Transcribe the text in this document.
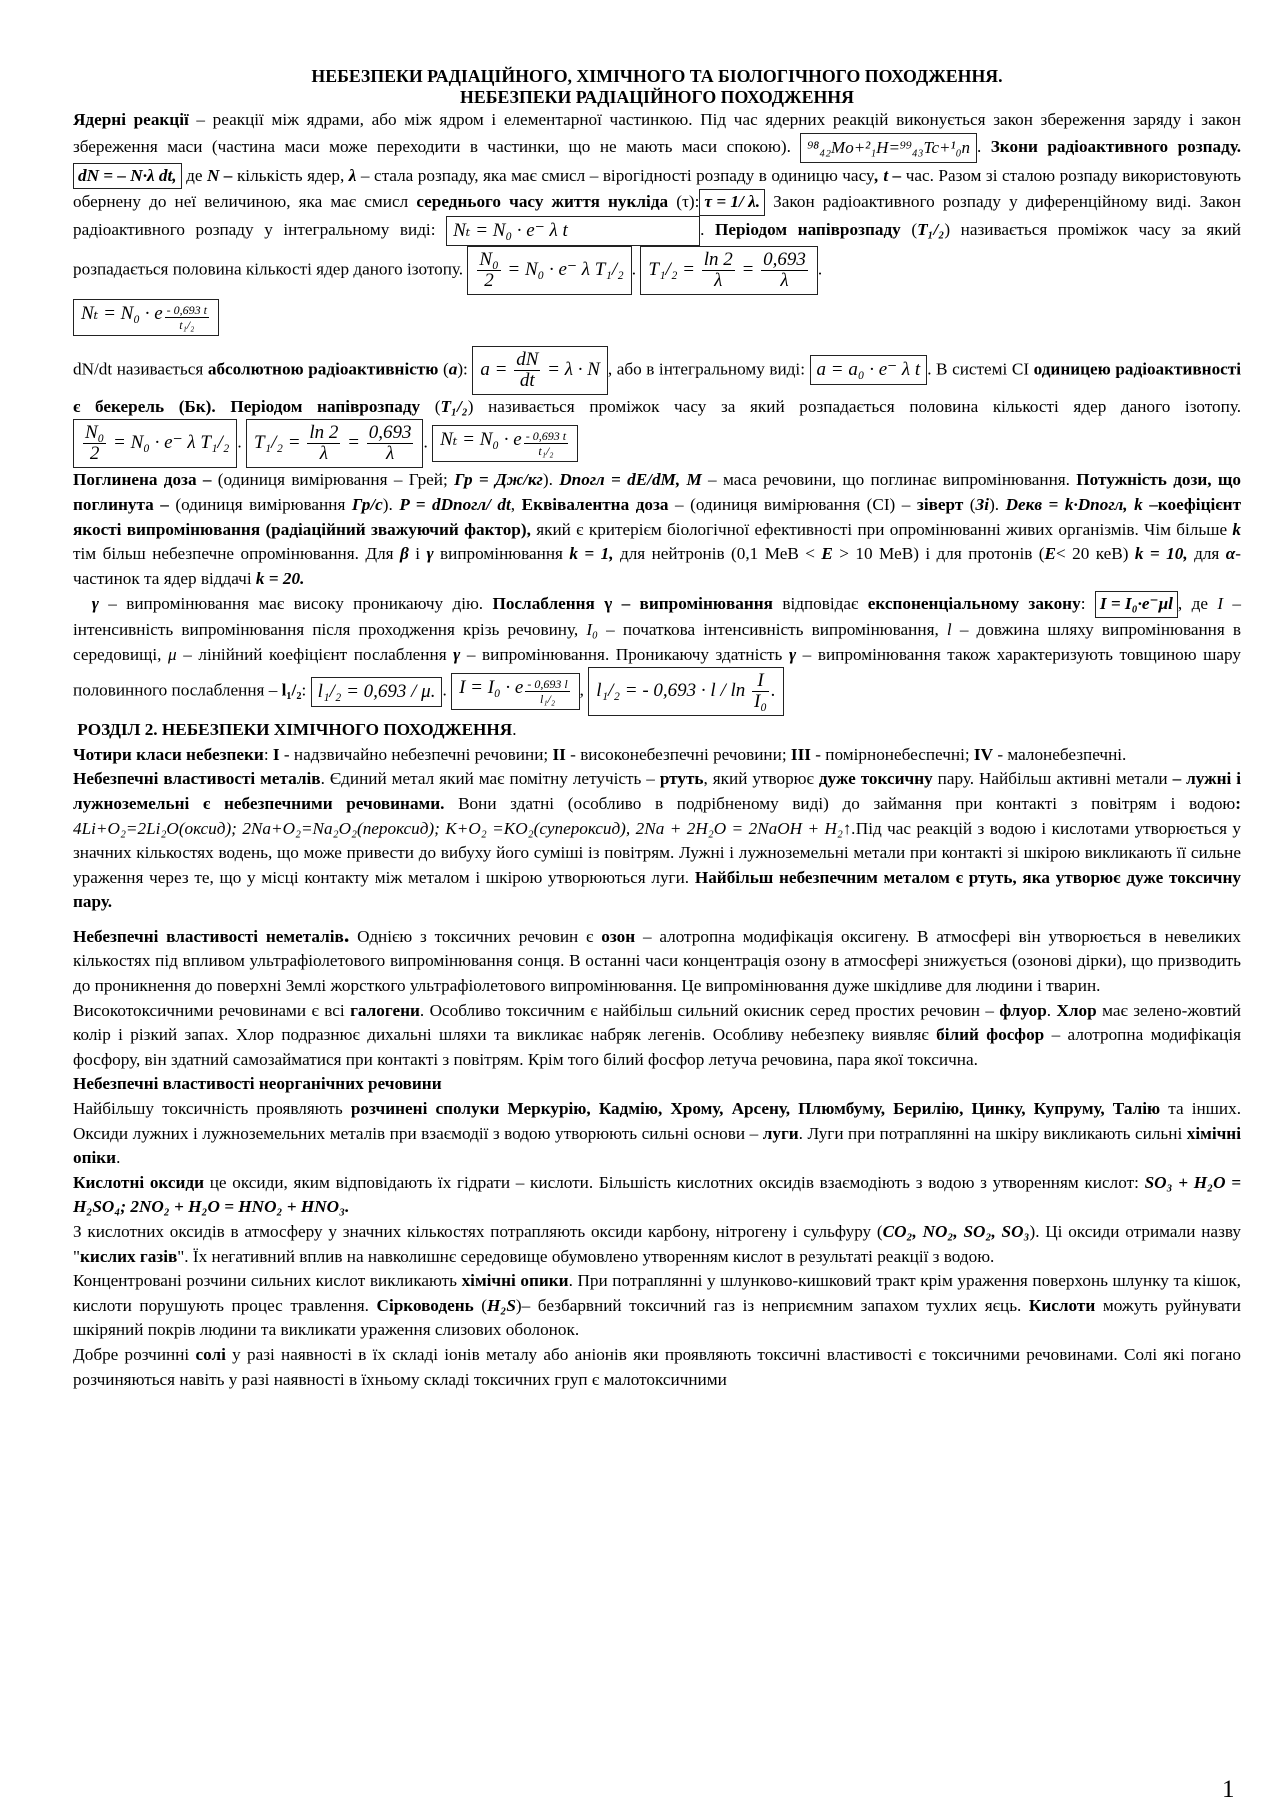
НЕБЕЗПЕКИ РАДІАЦІЙНОГО, ХІМІЧНОГО ТА БІОЛОГІЧНОГО ПОХОДЖЕННЯ.
НЕБЕЗПЕКИ РАДІАЦІЙНОГО ПОХОДЖЕННЯ

Ядерні реакції – реакції між ядрами, або між ядром і елементарної частинкою. Під час ядерних реакцій виконується закон збереження заряду і закон збереження маси (частина маси може переходити в частинки, що не мають маси спокою). ⁹⁸₄₂Mo+²₁H=⁹⁹₄₃Tc+¹₀n . Зкони радіоактивного розпаду. dN = – N·λ dt, де N – кількість ядер, λ – стала розпаду, яка має смисл – вірогідності розпаду в одиницю часу, t – час. Разом зі сталою розпаду використовують обернену до неї величиною, яка має смисл середнього часу життя нукліда (τ): τ = 1/ λ. Закон радіоактивного розпаду у диференційному виді. Закон радіоактивного розпаду у інтегральному виді: Nₜ = N₀ · e⁻ λ t	. Періодом напіврозпаду (T₁/₂) називається проміжок часу за який розпадається половина кількості ядер даного ізотопу. $\frac{\text{N₀}}{2} = N_0 \cdot e^-$ λ T₁/₂ . $T_1/_2 = \frac{\ln 2}{\lambda} = \frac{0,693}{\lambda}$ .

Nₜ = N₀ · e $\frac{- 0,693 t}{\text{t₁/₂}}$

dN/dt називається абсолютною радіоактивністю (a): $a = \frac{dN}{dt} = \lambda \cdot N$ , або в інтегральному виді: a = a₀ · e⁻ λ t . В системі СІ одиницею радіоактивності є бекерель (Бк). Періодом напіврозпаду (T₁/₂) називається проміжок часу за який розпадається половина кількості ядер даного ізотопу.
$\frac{\text{N₀}}{2} = N_0 \cdot e^-$ λ T₁/₂ . $T_1/_2 = \frac{\ln 2}{\lambda} = \frac{0,693}{\lambda}$ . Nₜ = N₀ · e $\frac{- 0,693 t}{\text{t₁/₂}}$

Поглинена доза – (одиниця вимірювання – Грей; Гр = Дж/кг). Dпогл = dE/dM, M – маса речовини, що поглинає випромінювання. Потужність дози, що поглинута – (одиниця вимірювання Гр/с). P = dDпогл/ dt, Еквівалентна доза – (одиниця вимірювання (СІ) – зіверт (Зі). Dекв = k·Dпогл, k –коефіцієнт якості випромінювання (радіаційний зважуючий фактор), який є критерієм біологічної ефективності при опромінюванні живих організмів. Чім більше k тім більш небезпечне опромінювання. Для β і γ випромінювання k = 1, для нейтронів (0,1 МеВ < E > 10 МеВ) і для протонів (E< 20 кеВ) k = 10, для α-частинок та ядер віддачі k = 20.

γ – випромінювання має високу проникаючу дію. Послаблення γ – випромінювання відповідає експоненціальному закону: I = I₀·e⁻μl , де I – інтенсивність випромінювання після проходження крізь речовину, I₀ – початкова інтенсивність випромінювання, l – довжина шляху випромінювання в середовищі, μ – лінійний коефіцієнт послаблення γ – випромінювання. Проникаючу здатність γ – випромінювання також характеризують товщиною шару половинного послаблення – l₁/₂: l₁/₂ = 0,693 / μ. . I = I₀ · e $\frac{- 0,693 l}{\text{l₁/₂}}$ , l₁/₂ = - $0,693 \cdot l / \ln \frac{I}{\text{I₀}}$ .

РОЗДІЛ 2. НЕБЕЗПЕКИ ХІМІЧНОГО ПОХОДЖЕННЯ.

Чотири класи небезпеки: I - надзвичайно небезпечні речовини; II - високонебезпечні речовини; III - помірнонебеспечні; IV - малонебезпечні.

Небезпечні властивості металів. Єдиний метал який має помітну летучість – ртуть, який утворює дуже токсичну пару. Найбільш активні метали – лужні і лужноземельні є небезпечними речовинами. Вони здатні (особливо в подрібненому виді) до займання при контакті з повітрям і водою: 4Li+O₂=2Li₂O(оксид); 2Na+O₂=Na₂O₂(пероксид); K+O₂ =KO₂(супероксид), 2Na + 2H₂O = 2NaOH + H₂↑.Під час реакцій з водою і кислотами утворюється у значних кількостях водень, що може привести до вибуху його суміші із повітрям. Лужні і лужноземельні метали при контакті зі шкірою викликають її сильне ураження через те, що у місці контакту між металом і шкірою утворюються луги. Найбільш небезпечним металом є ртуть, яка утворює дуже токсичну пару.

Небезпечні властивості неметалів. Однією з токсичних речовин є озон – алотропна модифікація оксигену. В атмосфері він утворюється в невеликих кількостях під впливом ультрафіолетового випромінювання сонця. В останні часи концентрація озону в атмосфері знижується (озонові дірки), що призводить до проникнення до поверхні Землі жорсткого ультрафіолетового випромінювання. Це випромінювання дуже шкідливе для людини і тварин.

Високотоксичними речовинами є всі галогени. Особливо токсичним є найбільш сильний окисник серед простих речовин – флуор. Хлор має зелено-жовтий колір і різкий запах. Хлор подразнює дихальні шляхи та викликає набряк легенів. Особливу небезпеку виявляє білий фосфор – алотропна модифікація фосфору, він здатний самозайматися при контакті з повітрям. Крім того білий фосфор летуча речовина, пара якої токсична.

Небезпечні властивості неорганічних речовини

Найбільшу токсичність проявляють розчинені сполуки Меркурію, Кадмію, Хрому, Арсену, Плюмбуму, Берилію, Цинку, Купруму, Талію та інших. Оксиди лужних і лужноземельних металів при взаємодії з водою утворюють сильні основи – луги. Луги при потраплянні на шкіру викликають сильні хімічні опіки.

Кислотні оксиди це оксиди, яким відповідають їх гідрати – кислоти. Більшість кислотних оксидів взаємодіють з водою з утворенням кислот: SO₃ + H₂O = H₂SO₄; 2NO₂ + H₂O = HNO₂ + HNO₃.

З кислотних оксидів в атмосферу у значних кількостях потрапляють оксиди карбону, нітрогену і сульфуру (CO₂, NO₂, SO₂, SO₃). Ці оксиди отримали назву "кислих газів". Їх негативний вплив на навколишнє середовище обумовлено утворенням кислот в результаті реакції з водою.

Концентровані розчини сильних кислот викликають хімічні опики. При потраплянні у шлунково-кишковий тракт крім ураження поверхонь шлунку та кішок, кислоти порушують процес травлення. Сірководень (H₂S)– безбарвний токсичний газ із неприємним запахом тухлих яєць. Кислоти можуть руйнувати шкіряний покрів людини та викликати ураження слизових оболонок.

Добре розчинні солі у разі наявності в їх складі іонів металу або аніонів яки проявляють токсичні властивості є токсичними речовинами. Солі які погано розчиняються навіть у разі наявності в їхньому складі токсичних груп є малотоксичними

1
